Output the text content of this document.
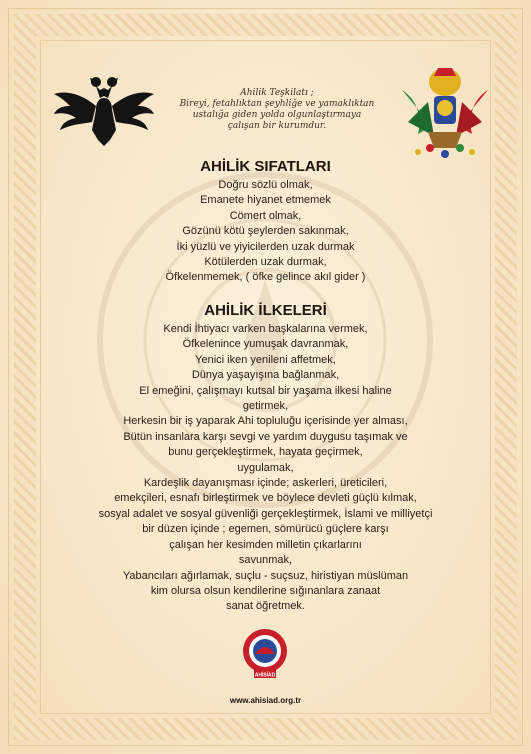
Ahilik Teşkilatı ;
Bireyi, fetahlıktan şeyhliğe ve yamaklıktan
ustalığa giden yolda olgunlaştırmaya
çalışan bir kurumdur.
AHİLİK SIFATLARI
Doğru sözlü olmak,
Emanete hiyanet etmemek
Cömert olmak,
Gözünü kötü şeylerden sakınmak,
İki yüzlü ve yiyicilerden uzak durmak
Kötülerden uzak durmak,
Öfkelenmemek, ( öfke gelince akıl gider )
AHİLİK İLKELERİ
Kendi İhtiyacı varken başkalarına vermek,
Öfkelenince yumuşak davranmak,
Yenici iken yenileni affetmek,
Dünya yaşayışına bağlanmak,
El emeğini, çalışmayı kutsal bir yaşama ilkesi haline
getirmek,
Herkesin bir iş yaparak Ahi topluluğu içerisinde yer alması,
Bütün insanlara karşı sevgi ve yardım duygusu taşımak ve
bunu gerçekleştirmek, hayata geçirmek,
uygulamak,
Kardeşlik dayanışması içinde; askerleri, üreticileri,
emekçileri, esnafı birleştirmek ve böylece devleti güçlü kılmak,
sosyal adalet ve sosyal güvenliği gerçekleştirmek, İslami ve milliyetçi
bir düzen içinde ; egemen, sömürücü güçlere karşı
çalışan her kesimden milletin çıkarlarını
savunmak,
Yabancıları ağırlamak, suçlu - suçsuz, hiristiyan müslüman
kim olursa olsun kendilerine sığınanlara zanaat
sanat öğretmek.
AHİSİAD
www.ahisiad.org.tr
